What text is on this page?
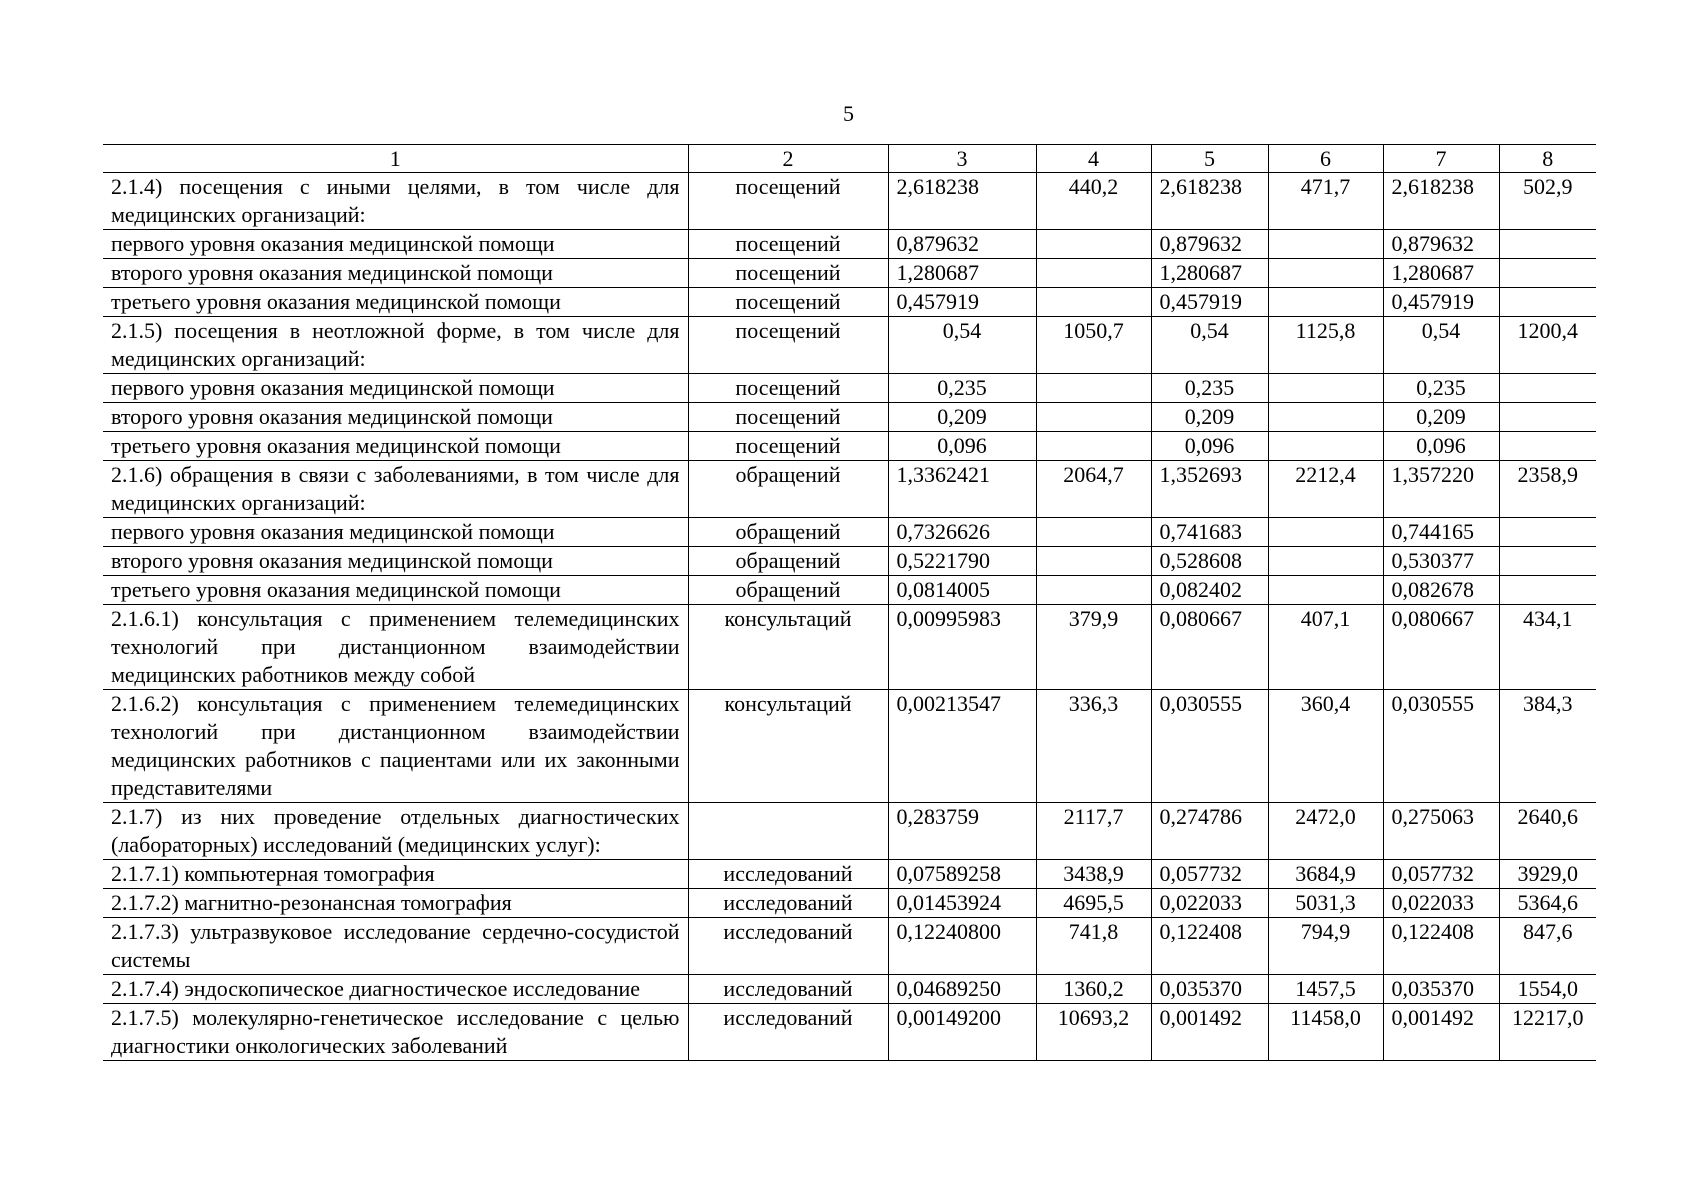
5
1	2	3	4	5	6	7	8
2.1.4) посещения с иными целями, в том числе для медицинских организаций:	посещений	2,618238	440,2	2,618238	471,7	2,618238	502,9
первого уровня оказания медицинской помощи	посещений	0,879632		0,879632		0,879632	
второго уровня оказания медицинской помощи	посещений	1,280687		1,280687		1,280687	
третьего уровня оказания медицинской помощи	посещений	0,457919		0,457919		0,457919	
2.1.5) посещения в неотложной форме, в том числе для медицинских организаций:	посещений	0,54	1050,7	0,54	1125,8	0,54	1200,4
первого уровня оказания медицинской помощи	посещений	0,235		0,235		0,235	
второго уровня оказания медицинской помощи	посещений	0,209		0,209		0,209	
третьего уровня оказания медицинской помощи	посещений	0,096		0,096		0,096	
2.1.6) обращения в связи с заболеваниями, в том числе для медицинских организаций:	обращений	1,3362421	2064,7	1,352693	2212,4	1,357220	2358,9
первого уровня оказания медицинской помощи	обращений	0,7326626		0,741683		0,744165	
второго уровня оказания медицинской помощи	обращений	0,5221790		0,528608		0,530377	
третьего уровня оказания медицинской помощи	обращений	0,0814005		0,082402		0,082678	
2.1.6.1) консультация с применением телемедицинских технологий при дистанционном взаимодействии медицинских работников между собой	консультаций	0,00995983	379,9	0,080667	407,1	0,080667	434,1
2.1.6.2) консультация с применением телемедицинских технологий при дистанционном взаимодействии медицинских работников с пациентами или их законными представителями	консультаций	0,00213547	336,3	0,030555	360,4	0,030555	384,3
2.1.7) из них проведение отдельных диагностических (лабораторных) исследований (медицинских услуг):		0,283759	2117,7	0,274786	2472,0	0,275063	2640,6
2.1.7.1) компьютерная томография	исследований	0,07589258	3438,9	0,057732	3684,9	0,057732	3929,0
2.1.7.2) магнитно-резонансная томография	исследований	0,01453924	4695,5	0,022033	5031,3	0,022033	5364,6
2.1.7.3) ультразвуковое исследование сердечно-сосудистой системы	исследований	0,12240800	741,8	0,122408	794,9	0,122408	847,6
2.1.7.4) эндоскопическое диагностическое исследование	исследований	0,04689250	1360,2	0,035370	1457,5	0,035370	1554,0
2.1.7.5) молекулярно-генетическое исследование с целью диагностики онкологических заболеваний	исследований	0,00149200	10693,2	0,001492	11458,0	0,001492	12217,0
